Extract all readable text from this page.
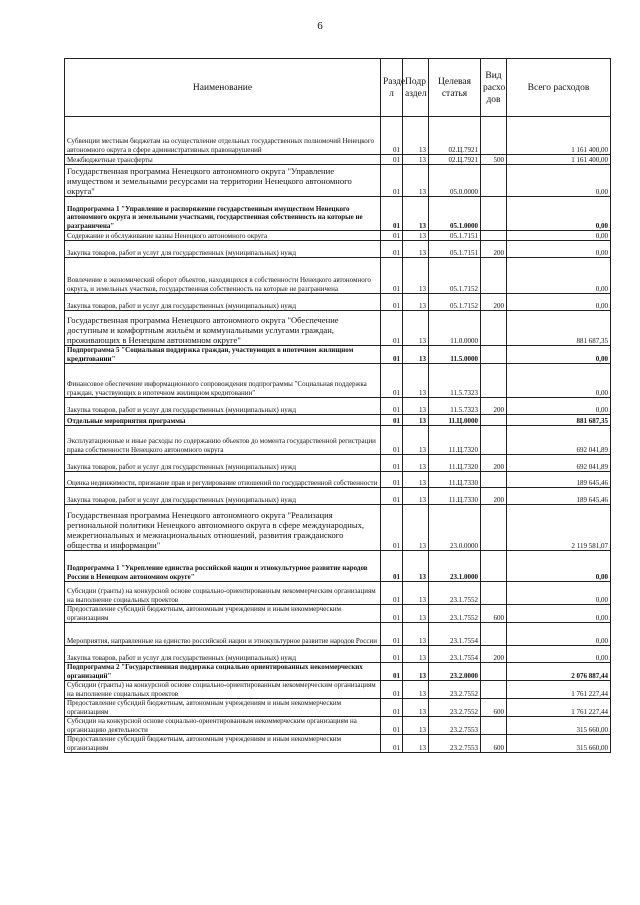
6
Наименование	Разде л	Подр аздел	Целевая статья	Вид расхо дов	Всего расходов
Субвенции местным бюджетам на осуществление отдельных государственных полномочий Ненецкого автономного округа в сфере административных правонарушений	01	13	02.Ц.7921		1 161 400,00
Межбюджетные трансферты	01	13	02.Ц.7921	500	1 161 400,00
Государственная программа Ненецкого автономного округа "Управление имуществом и земельными ресурсами на территории Ненецкого автономного округа"	01	13	05.0.0000		0,00
Подпрограмма 1 "Управление и распоряжение государственным имуществом Ненецкого автономного округа и земельными участками, государственная собственность на которые не разграничена"	01	13	05.1.0000		0,00
Содержание и обслуживание казны Ненецкого автономного округа	01	13	05.1.7151		0,00
Закупка товаров, работ и услуг для государственных (муниципальных) нужд	01	13	05.1.7151	200	0,00
Вовлечение в экономический оборот объектов, находящихся в собственности Ненецкого автономного округа, и земельных участков, государственная собственность на которые не разграничена	01	13	05.1.7152		0,00
Закупка товаров, работ и услуг для государственных (муниципальных) нужд	01	13	05.1.7152	200	0,00
Государственная программа Ненецкого автономного округа "Обеспечение доступным и комфортным жильём и коммунальными услугами граждан, проживающих в Ненецком автономном округе"	01	13	11.0.0000		881 687,35
Подпрограмма 5 "Социальная поддержка граждан, участвующих в ипотечном жилищном кредитовании"	01	13	11.5.0000		0,00
Финансовое обеспечение информационного сопровождения подпрограммы "Социальная поддержка граждан, участвующих в ипотечном жилищном кредитовании"	01	13	11.5.7323		0,00
Закупка товаров, работ и услуг для государственных (муниципальных) нужд	01	13	11.5.7323	200	0,00
Отдельные мероприятия программы	01	13	11.Ц.0000		881 687,35
Эксплуатационные и иные расходы по содержанию объектов до момента государственной регистрации права собственности Ненецкого автономного округа	01	13	11.Ц.7320		692 041,89
Закупка товаров, работ и услуг для государственных (муниципальных) нужд	01	13	11.Ц.7320	200	692 041,89
Оценка недвижимости, признание прав и регулирование отношений по государственной собственности	01	13	11.Ц.7330		189 645,46
Закупка товаров, работ и услуг для государственных (муниципальных) нужд	01	13	11.Ц.7330	200	189 645,46
Государственная программа Ненецкого автономного округа "Реализация региональной политики Ненецкого автономного округа в сфере международных, межрегиональных и межнациональных отношений, развития гражданского общества и информации"	01	13	23.0.0000		2 119 581,07
Подпрограмма 1 "Укрепление единства российской нации и этнокультурное развитие народов России в Ненецком автономном округе"	01	13	23.1.0000		0,00
Субсидии (гранты) на конкурсной основе социально-ориентированным некоммерческим организациям на выполнение социальных проектов	01	13	23.1.7552		0,00
Предоставление субсидий бюджетным, автономным учреждениям и иным некоммерческим организациям	01	13	23.1.7552	600	0,00
Мероприятия, направленные на единство российской нации и этнокультурное развитие народов России	01	13	23.1.7554		0,00
Закупка товаров, работ и услуг для государственных (муниципальных) нужд	01	13	23.1.7554	200	0,00
Подпрограмма 2 "Государственная поддержка социально ориентированных некоммерческих организаций"	01	13	23.2.0000		2 076 887,44
Субсидии (гранты) на конкурсной основе социально-ориентированным некоммерческим организациям на выполнение социальных проектов	01	13	23.2.7552		1 761 227,44
Предоставление субсидий бюджетным, автономным учреждениям и иным некоммерческим организациям	01	13	23.2.7552	600	1 761 227,44
Субсидии на конкурсной основе социально-ориентированным некоммерческим организациям на организацию деятельности	01	13	23.2.7553		315 660,00
Предоставление субсидий бюджетным, автономным учреждениям и иным некоммерческим организациям	01	13	23.2.7553	600	315 660,00
